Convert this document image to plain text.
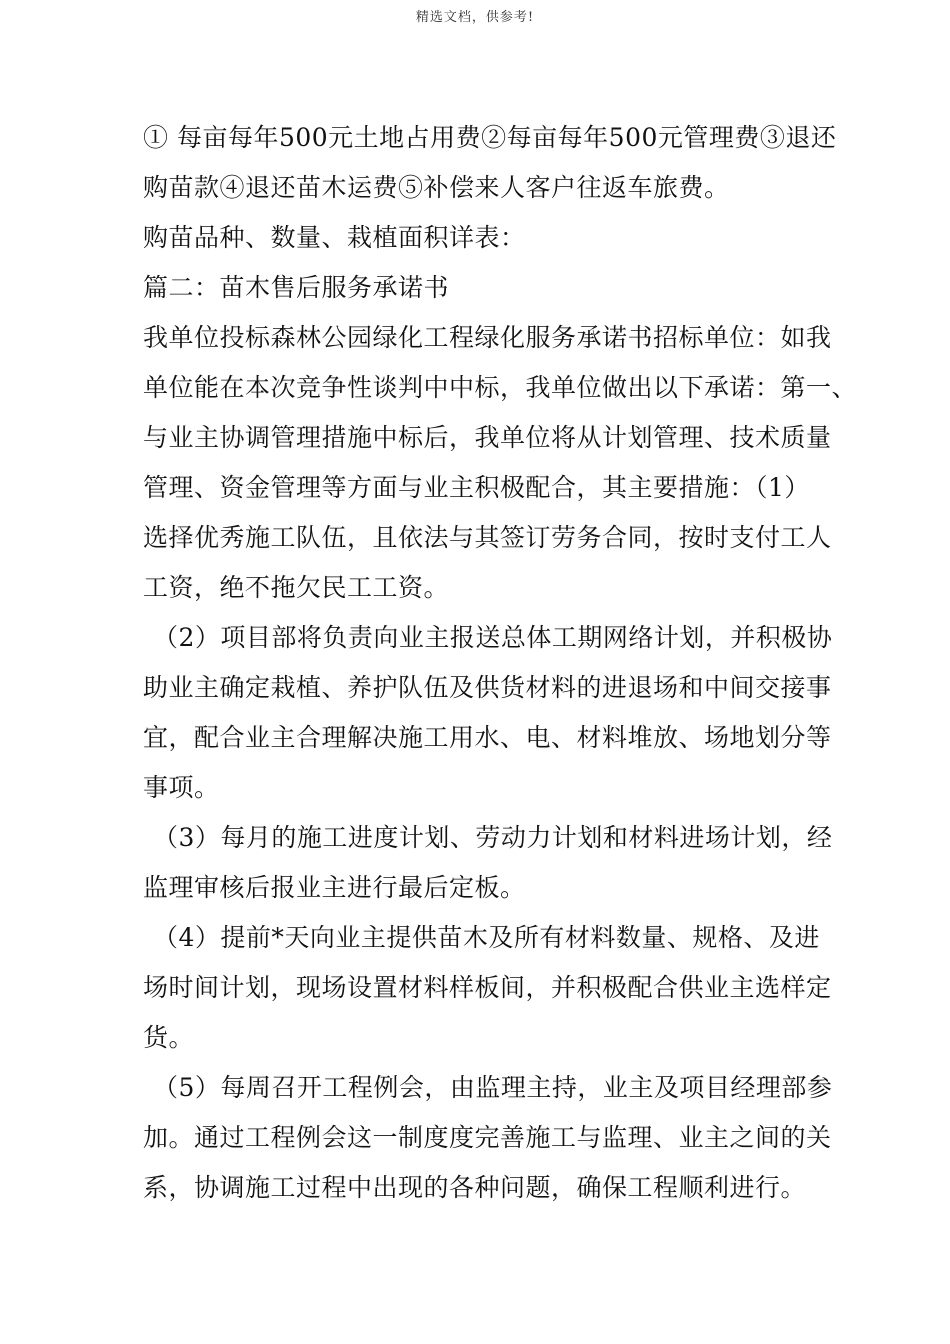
精选文档，供参考!
① 每亩每年500元土地占用费②每亩每年500元管理费③退还
购苗款④退还苗木运费⑤补偿来人客户往返车旅费。
购苗品种、数量、栽植面积详表：
篇二：苗木售后服务承诺书
我单位投标森林公园绿化工程绿化服务承诺书招标单位：如我
单位能在本次竞争性谈判中中标，我单位做出以下承诺：第一、
与业主协调管理措施中标后，我单位将从计划管理、技术质量
管理、资金管理等方面与业主积极配合，其主要措施：（1）
选择优秀施工队伍，且依法与其签订劳务合同，按时支付工人
工资，绝不拖欠民工工资。
（2）项目部将负责向业主报送总体工期网络计划，并积极协
助业主确定栽植、养护队伍及供货材料的进退场和中间交接事
宜，配合业主合理解决施工用水、电、材料堆放、场地划分等
事项。
（3）每月的施工进度计划、劳动力计划和材料进场计划，经
监理审核后报业主进行最后定板。
（4）提前*天向业主提供苗木及所有材料数量、规格、及进
场时间计划，现场设置材料样板间，并积极配合供业主选样定
货。
（5）每周召开工程例会，由监理主持，业主及项目经理部参
加。通过工程例会这一制度度完善施工与监理、业主之间的关
系，协调施工过程中出现的各种问题，确保工程顺利进行。
